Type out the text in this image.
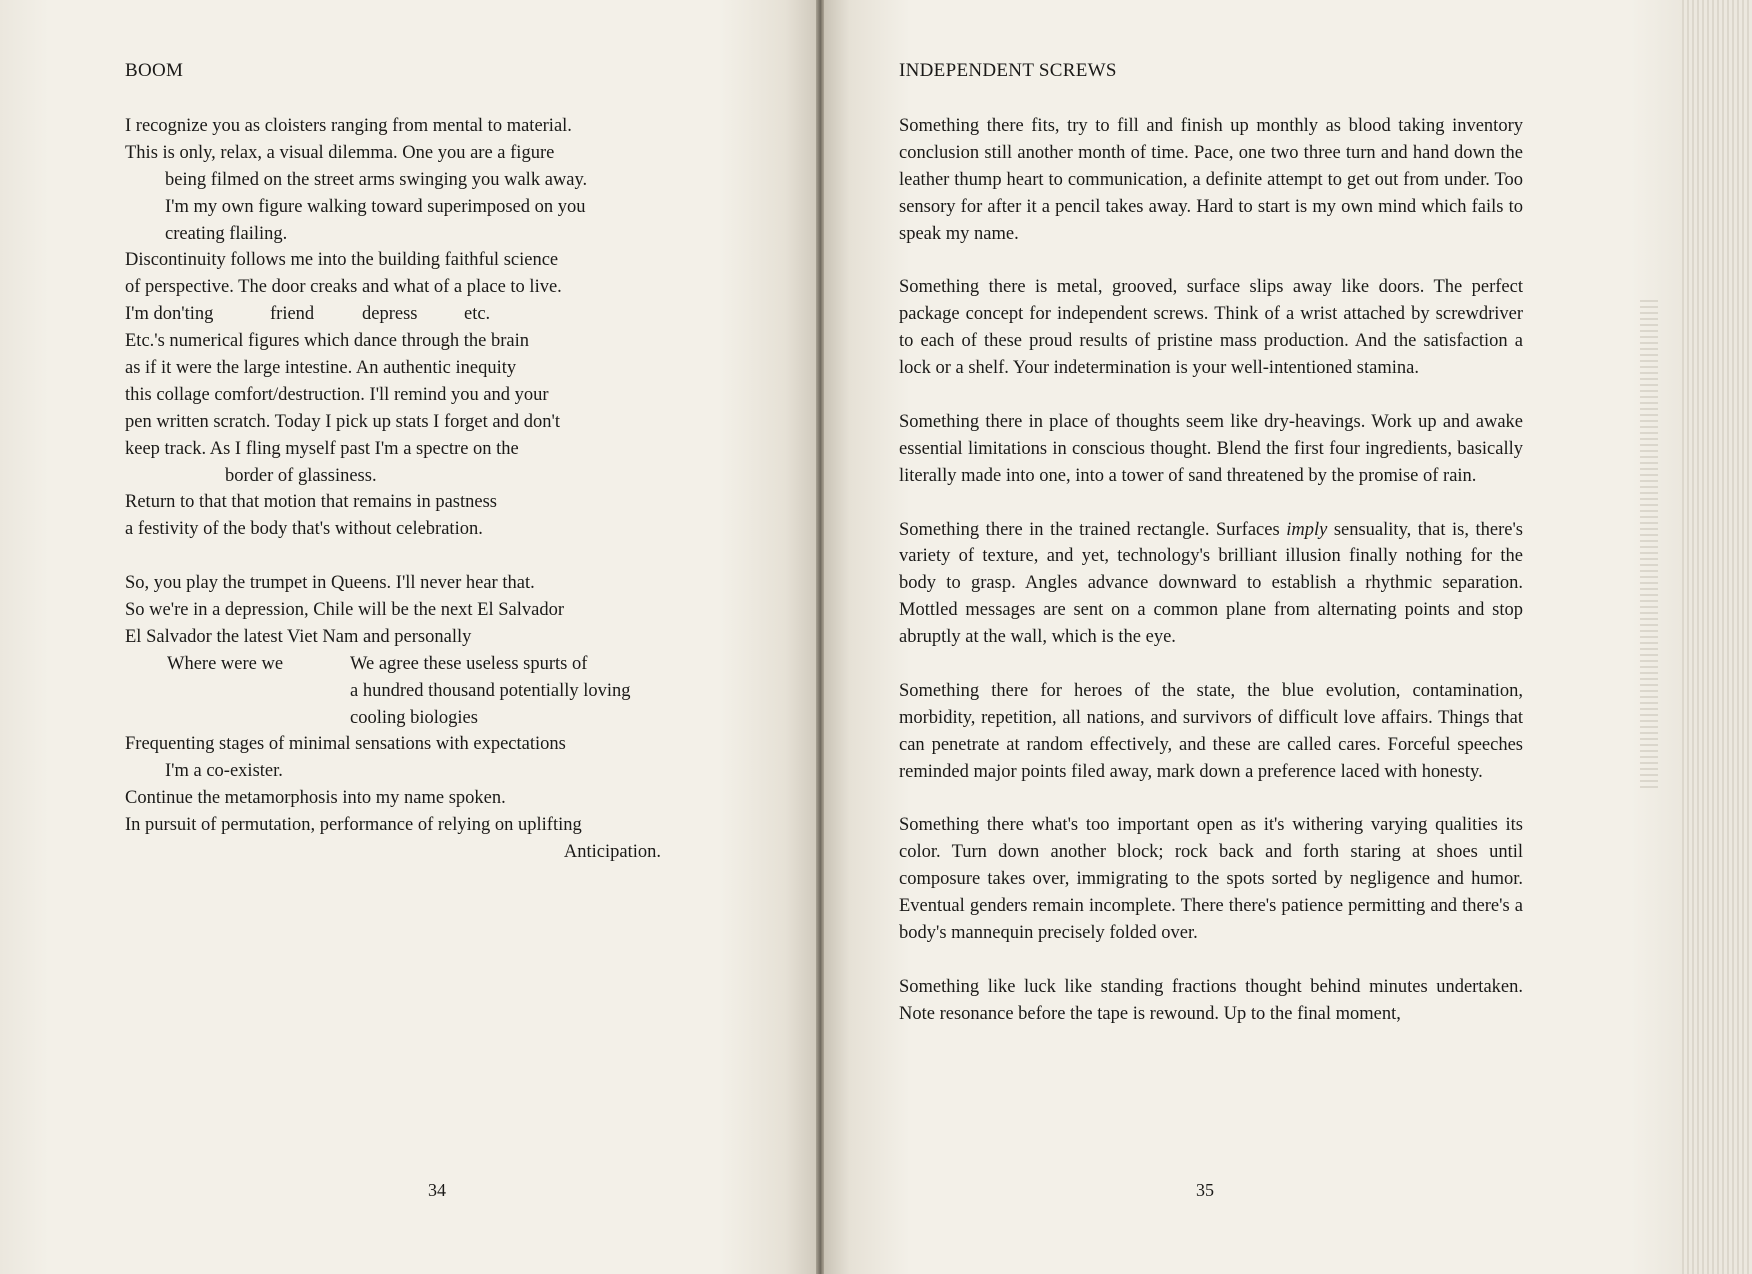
BOOM
I recognize you as cloisters ranging from mental to material.
This is only, relax, a visual dilemma. One you are a figure
being filmed on the street arms swinging you walk away.
I'm my own figure walking toward superimposed on you
creating flailing.
Discontinuity follows me into the building faithful science
of perspective. The door creaks and what of a place to live.
I'm don'ting	friend	depress	etc.
Etc.'s numerical figures which dance through the brain
as if it were the large intestine. An authentic inequity
this collage comfort/destruction. I'll remind you and your
pen written scratch. Today I pick up stats I forget and don't
keep track. As I fling myself past I'm a spectre on the
border of glassiness.
Return to that that motion that remains in pastness
a festivity of the body that's without celebration.
So, you play the trumpet in Queens. I'll never hear that.
So we're in a depression, Chile will be the next El Salvador
El Salvador the latest Viet Nam and personally
Where were we	We agree these useless spurts of
a hundred thousand potentially loving
cooling biologies
Frequenting stages of minimal sensations with expectations
I'm a co-exister.
Continue the metamorphosis into my name spoken.
In pursuit of permutation, performance of relying on uplifting
Anticipation.
34
INDEPENDENT SCREWS
35

Something there fits, try to fill and finish up monthly as blood taking inventory conclusion still another month of time. Pace, one two three turn and hand down the leather thump heart to communication, a definite attempt to get out from under. Too sensory for after it a pencil takes away. Hard to start is my own mind which fails to speak my name.

Something there is metal, grooved, surface slips away like doors. The perfect package concept for independent screws. Think of a wrist attached by screwdriver to each of these proud results of pristine mass production. And the satisfaction a lock or a shelf. Your indetermination is your well-intentioned stamina.

Something there in place of thoughts seem like dry-heavings. Work up and awake essential limitations in conscious thought. Blend the first four ingredients, basically literally made into one, into a tower of sand threatened by the promise of rain.

Something there in the trained rectangle. Surfaces imply sensuality, that is, there's variety of texture, and yet, technology's brilliant illusion finally nothing for the body to grasp. Angles advance downward to establish a rhythmic separation. Mottled messages are sent on a common plane from alternating points and stop abruptly at the wall, which is the eye.

Something there for heroes of the state, the blue evolution, contamination, morbidity, repetition, all nations, and survivors of difficult love affairs. Things that can penetrate at random effectively, and these are called cares. Forceful speeches reminded major points filed away, mark down a preference laced with honesty.

Something there what's too important open as it's withering varying qualities its color. Turn down another block; rock back and forth staring at shoes until composure takes over, immigrating to the spots sorted by negligence and humor. Eventual genders remain incomplete. There there's patience permitting and there's a body's mannequin precisely folded over.

Something like luck like standing fractions thought behind minutes undertaken. Note resonance before the tape is rewound. Up to the final moment,
